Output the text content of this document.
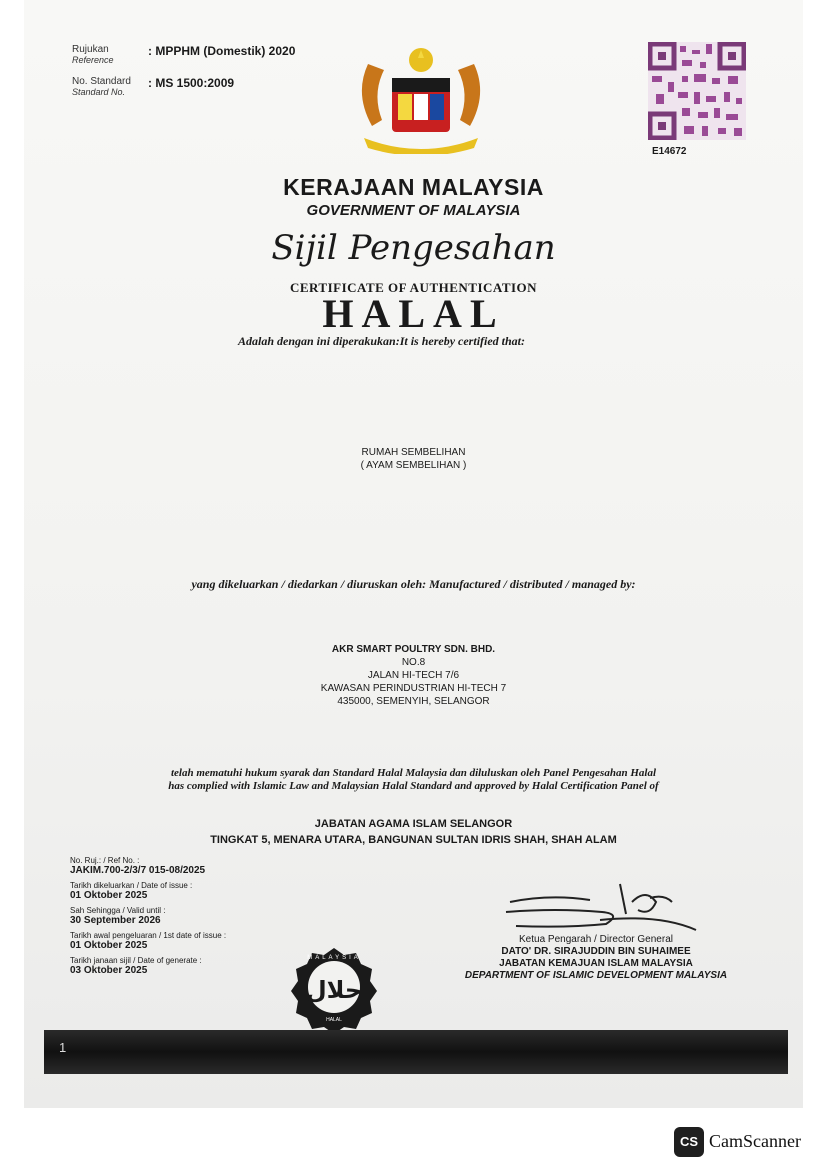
Rujukan
Reference
: MPPHM (Domestik) 2020
No. Standard
Standard No.
: MS 1500:2009
E14672
KERAJAAN MALAYSIA
GOVERNMENT OF MALAYSIA
Sijil Pengesahan
CERTIFICATE OF AUTHENTICATION
HALAL
Adalah dengan ini diperakukan:It is hereby certified that:
RUMAH SEMBELIHAN
( AYAM SEMBELIHAN )
yang dikeluarkan / diedarkan / diuruskan oleh: Manufactured / distributed / managed by:
AKR SMART POULTRY SDN. BHD.
NO.8
JALAN HI-TECH 7/6
KAWASAN PERINDUSTRIAN HI-TECH 7
435000, SEMENYIH, SELANGOR
telah mematuhi hukum syarak dan Standard Halal Malaysia dan diluluskan oleh Panel Pengesahan Halal
has complied with Islamic Law and Malaysian Halal Standard and approved by Halal Certification Panel of
JABATAN AGAMA ISLAM SELANGOR
TINGKAT 5, MENARA UTARA, BANGUNAN SULTAN IDRIS SHAH, SHAH ALAM
No. Ruj.: / Ref No. :
JAKIM.700-2/3/7 015-08/2025
Tarikh dikeluarkan / Date of issue :
01 Oktober 2025
Sah Sehingga / Valid until :
30 September 2026
Tarikh awal pengeluaran / 1st date of issue :
01 Oktober 2025
Tarikh janaan sijil / Date of generate :
03 Oktober 2025
حلال
MALAYSIA
HALAL
Ketua Pengarah / Director General
DATO' DR. SIRAJUDDIN BIN SUHAIMEE
JABATAN KEMAJUAN ISLAM MALAYSIA
DEPARTMENT OF ISLAMIC DEVELOPMENT MALAYSIA
1
CS CamScanner
